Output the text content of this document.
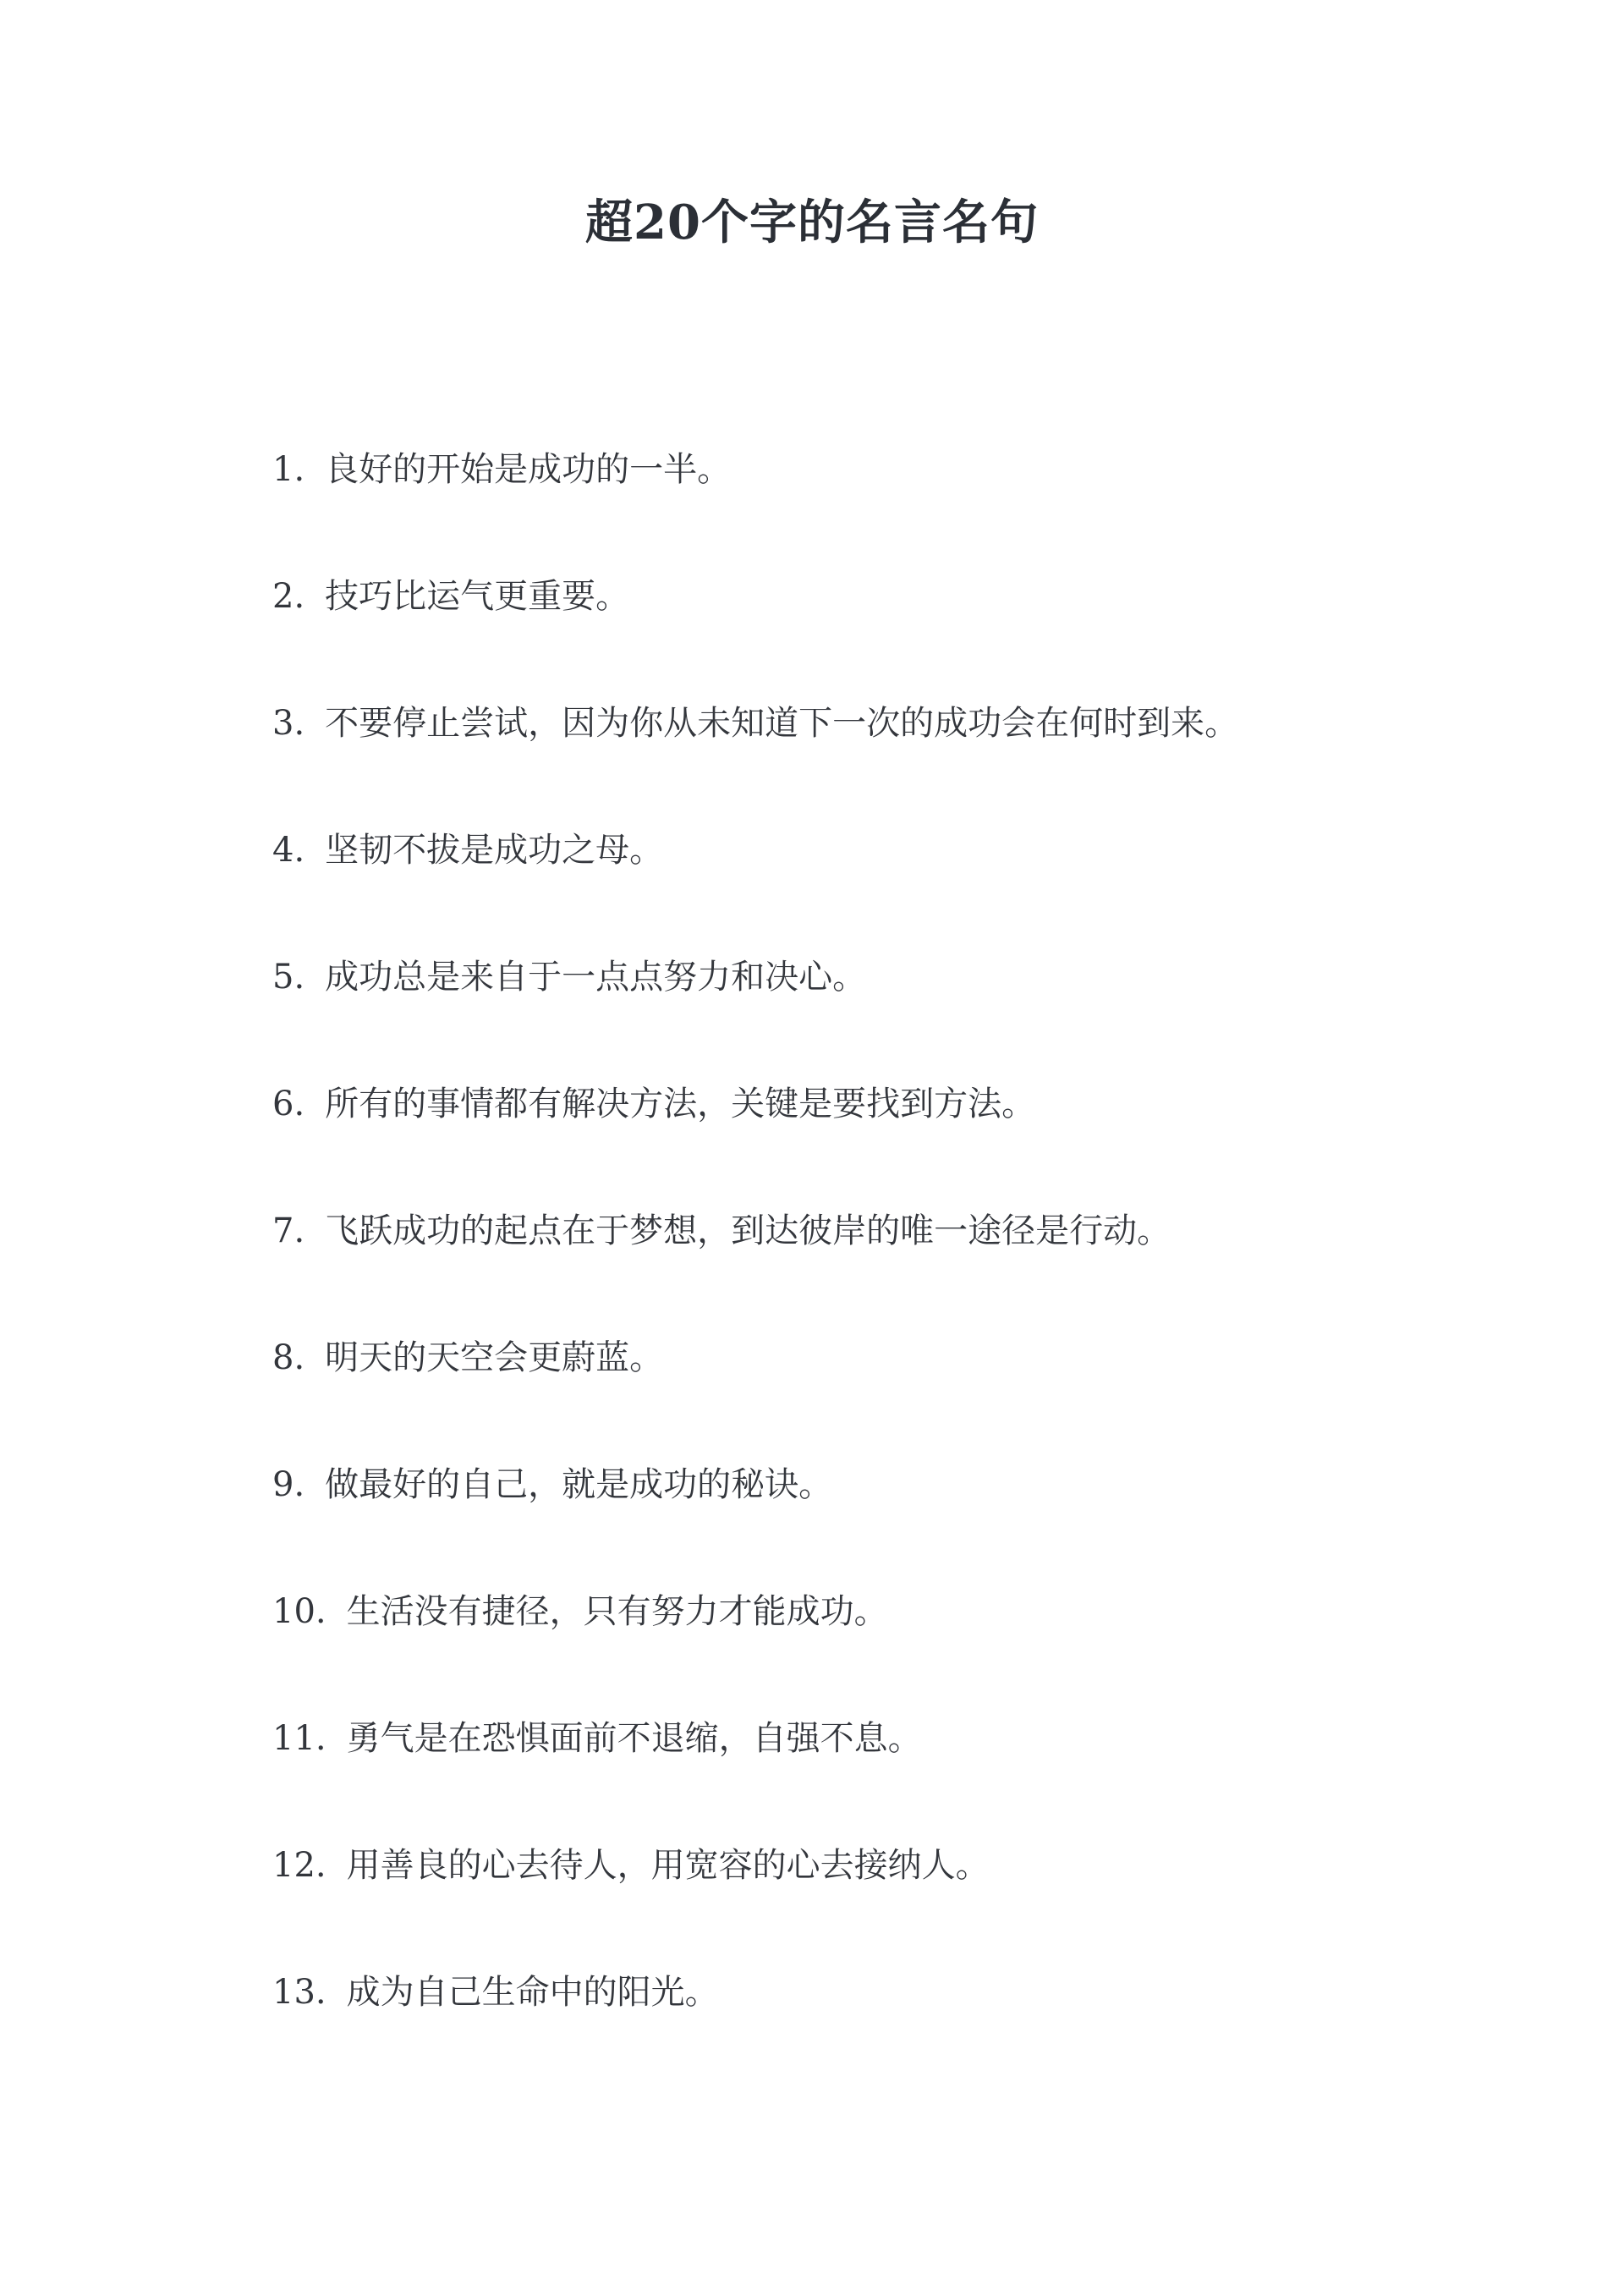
超20个字的名言名句
1. 良好的开始是成功的一半。
2. 技巧比运气更重要。
3. 不要停止尝试，因为你从未知道下一次的成功会在何时到来。
4. 坚韧不拔是成功之母。
5. 成功总是来自于一点点努力和决心。
6. 所有的事情都有解决方法，关键是要找到方法。
7. 飞跃成功的起点在于梦想，到达彼岸的唯一途径是行动。
8. 明天的天空会更蔚蓝。
9. 做最好的自己，就是成功的秘诀。
10. 生活没有捷径，只有努力才能成功。
11. 勇气是在恐惧面前不退缩，自强不息。
12. 用善良的心去待人，用宽容的心去接纳人。
13. 成为自己生命中的阳光。
